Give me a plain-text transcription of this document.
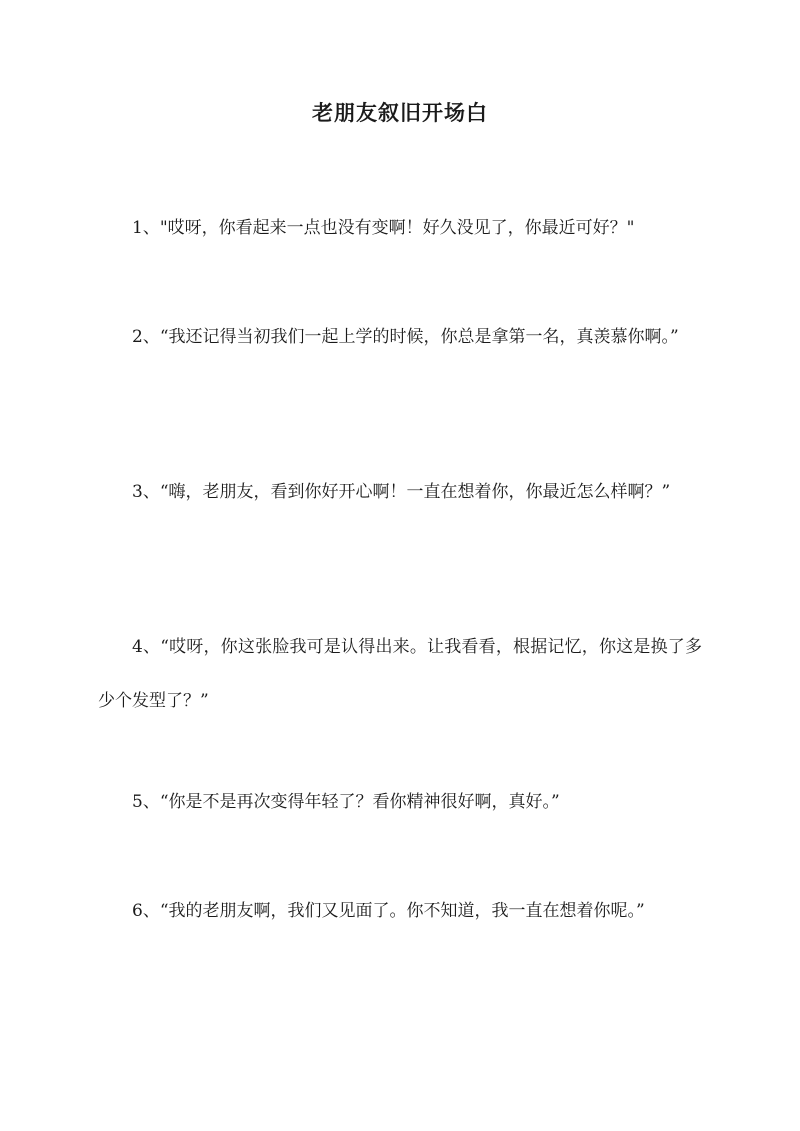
老朋友叙旧开场白

1、"哎呀，你看起来一点也没有变啊！好久没见了，你最近可好？"

2、“我还记得当初我们一起上学的时候，你总是拿第一名，真羡慕你啊。”

3、“嗨，老朋友，看到你好开心啊！一直在想着你，你最近怎么样啊？”

4、“哎呀，你这张脸我可是认得出来。让我看看，根据记忆，你这是换了多少个发型了？”

5、“你是不是再次变得年轻了？看你精神很好啊，真好。”

6、“我的老朋友啊，我们又见面了。你不知道，我一直在想着你呢。”
